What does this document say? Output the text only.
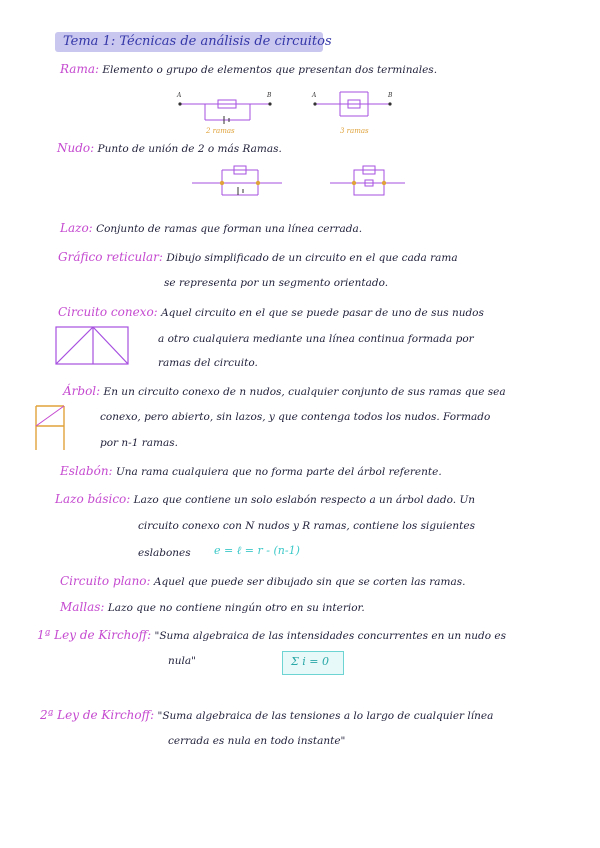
Tema 1: Técnicas de análisis de circuitos
Rama: Elemento o grupo de elementos que presentan dos terminales.
A	B	A	B
2 ramas	3 ramas
Nudo: Punto de unión de 2 o más Ramas.
Lazo: Conjunto de ramas que forman una línea cerrada.
Gráfico reticular: Dibujo simplificado de un circuito en el que cada rama
se representa por un segmento orientado.
Circuito conexo: Aquel circuito en el que se puede pasar de uno de sus nudos
a otro cualquiera mediante una línea continua formada por
ramas del circuito.
Árbol: En un circuito conexo de n nudos, cualquier conjunto de sus ramas que sea
conexo, pero abierto, sin lazos, y que contenga todos los nudos. Formado
por n-1 ramas.
Eslabón: Una rama cualquiera que no forma parte del árbol referente.
Lazo básico: Lazo que contiene un solo eslabón respecto a un árbol dado. Un
circuito conexo con N nudos y R ramas, contiene los siguientes
eslabones e = ℓ = r - (n-1)
Circuito plano: Aquel que puede ser dibujado sin que se corten las ramas.
Mallas: Lazo que no contiene ningún otro en su interior.
1ª Ley de Kirchoff: "Suma algebraica de las intensidades concurrentes en un nudo es
nula"	Σ i = 0
2ª Ley de Kirchoff: "Suma algebraica de las tensiones a lo largo de cualquier línea
cerrada es nula en todo instante"
